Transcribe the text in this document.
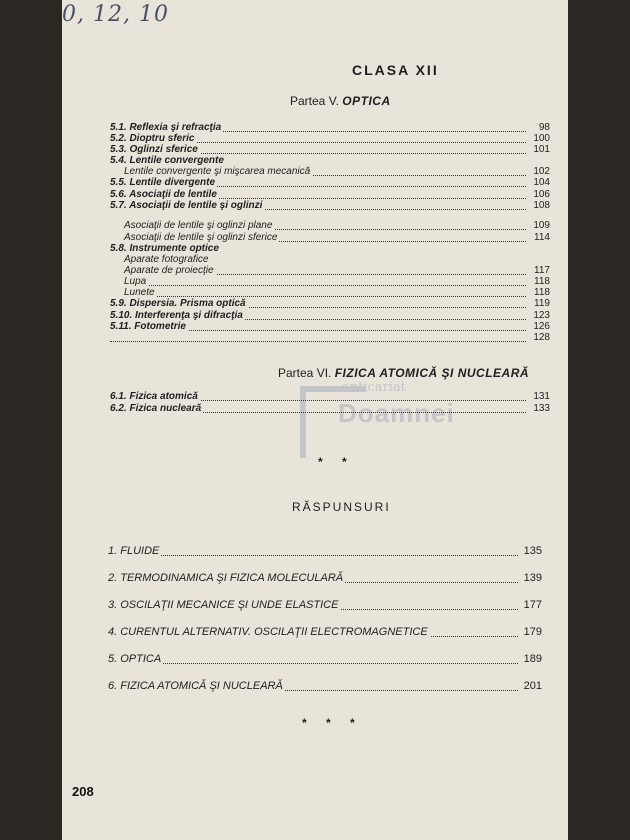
0, 12, 10
CLASA XII
Partea V. OPTICA
5.1. Reflexia şi refracţia	98
5.2. Dioptru sferic	100
5.3. Oglinzi sferice	101
5.4. Lentile convergente
Lentile convergente şi mişcarea mecanică	102
5.5. Lentile divergente	104
5.6. Asociaţii de lentile	106
5.7. Asociaţii de lentile şi oglinzi	108
Asociaţii de lentile şi oglinzi plane	109
Asociaţii de lentile şi oglinzi sferice	114
5.8. Instrumente optice
Aparate fotografice
Aparate de proiecţie	117
Lupa	118
Lunete	118
5.9. Dispersia. Prisma optică	119
5.10. Interferenţa şi difracţia	123
5.11. Fotometrie	126
128
Partea VI. FIZICA ATOMICĂ ŞI NUCLEARĂ
6.1. Fizica atomică	131
6.2. Fizica nucleară	133
anticariat
Doamnei
* *
RĂSPUNSURI
1. FLUIDE	135
2. TERMODINAMICA ŞI FIZICA MOLECULARĂ	139
3. OSCILAŢII MECANICE ŞI UNDE ELASTICE	177
4. CURENTUL ALTERNATIV. OSCILAŢII ELECTROMAGNETICE	179
5. OPTICA	189
6. FIZICA ATOMICĂ ŞI NUCLEARĂ	201
* * *
208
